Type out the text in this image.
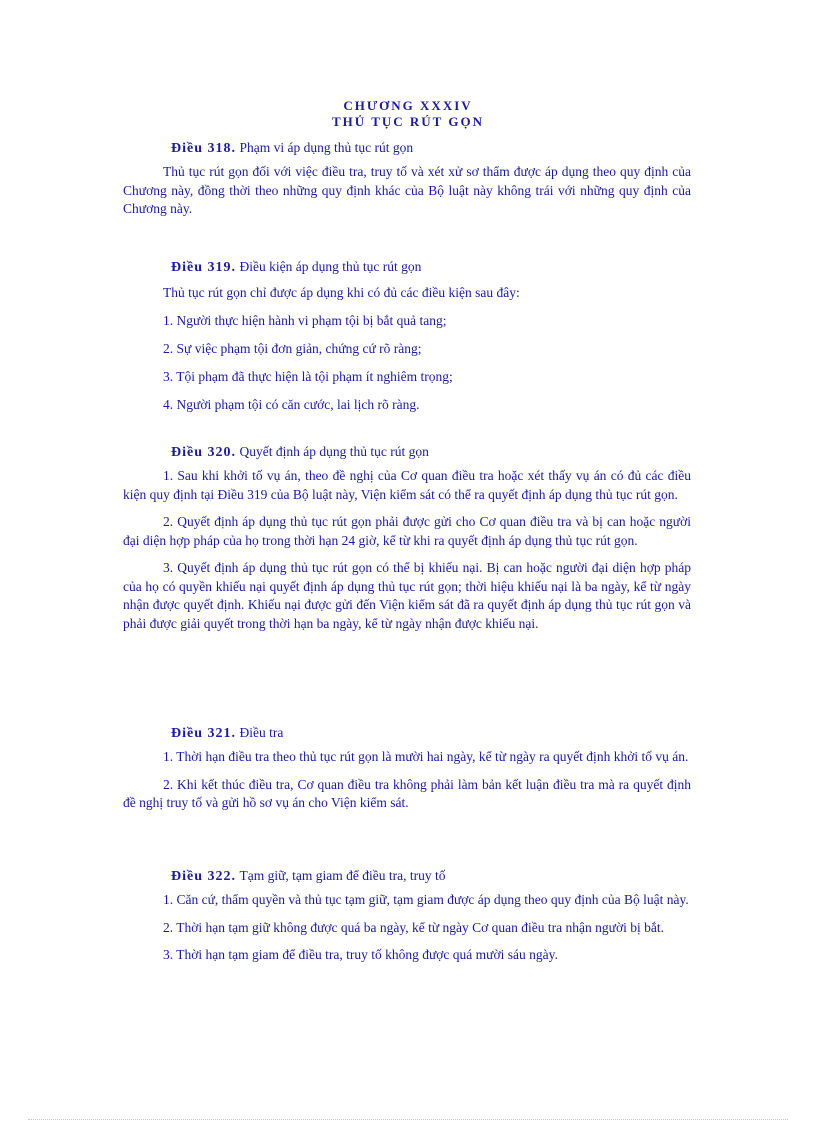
CHƯƠNG XXXIV
THỦ TỤC RÚT GỌN
Điều 318. Phạm vi áp dụng thủ tục rút gọn

Thủ tục rút gọn đối với việc điều tra, truy tố và xét xử sơ thẩm được áp dụng theo quy định của Chương này, đồng thời theo những quy định khác của Bộ luật này không trái với những quy định của Chương này.

Điều 319. Điều kiện áp dụng thủ tục rút gọn
Thủ tục rút gọn chỉ được áp dụng khi có đủ các điều kiện sau đây:
1. Người thực hiện hành vi phạm tội bị bắt quả tang;
2. Sự việc phạm tội đơn giản, chứng cứ rõ ràng;
3. Tội phạm đã thực hiện là tội phạm ít nghiêm trọng;
4. Người phạm tội có căn cước, lai lịch rõ ràng.
Điều 320. Quyết định áp dụng thủ tục rút gọn

1. Sau khi khởi tố vụ án, theo đề nghị của Cơ quan điều tra hoặc xét thấy vụ án có đủ các điều kiện quy định tại Điều 319 của Bộ luật này, Viện kiểm sát có thể ra quyết định áp dụng thủ tục rút gọn.

2. Quyết định áp dụng thủ tục rút gọn phải được gửi cho Cơ quan điều tra và bị can hoặc người đại diện hợp pháp của họ trong thời hạn 24 giờ, kể từ khi ra quyết định áp dụng thủ tục rút gọn.

3. Quyết định áp dụng thủ tục rút gọn có thể bị khiếu nại. Bị can hoặc người đại diện hợp pháp của họ có quyền khiếu nại quyết định áp dụng thủ tục rút gọn; thời hiệu khiếu nại là ba ngày, kể từ ngày nhận được quyết định. Khiếu nại được gửi đến Viện kiểm sát đã ra quyết định áp dụng thủ tục rút gọn và phải được giải quyết trong thời hạn ba ngày, kể từ ngày nhận được khiếu nại.

Điều 321. Điều tra

1. Thời hạn điều tra theo thủ tục rút gọn là mười hai ngày, kể từ ngày ra quyết định khởi tố vụ án.

2. Khi kết thúc điều tra, Cơ quan điều tra không phải làm bản kết luận điều tra mà ra quyết định đề nghị truy tố và gửi hồ sơ vụ án cho Viện kiểm sát.

Điều 322. Tạm giữ, tạm giam để điều tra, truy tố

1. Căn cứ, thẩm quyền và thủ tục tạm giữ, tạm giam được áp dụng theo quy định của Bộ luật này.

2. Thời hạn tạm giữ không được quá ba ngày, kể từ ngày Cơ quan điều tra nhận người bị bắt.

3. Thời hạn tạm giam để điều tra, truy tố không được quá mười sáu ngày.
